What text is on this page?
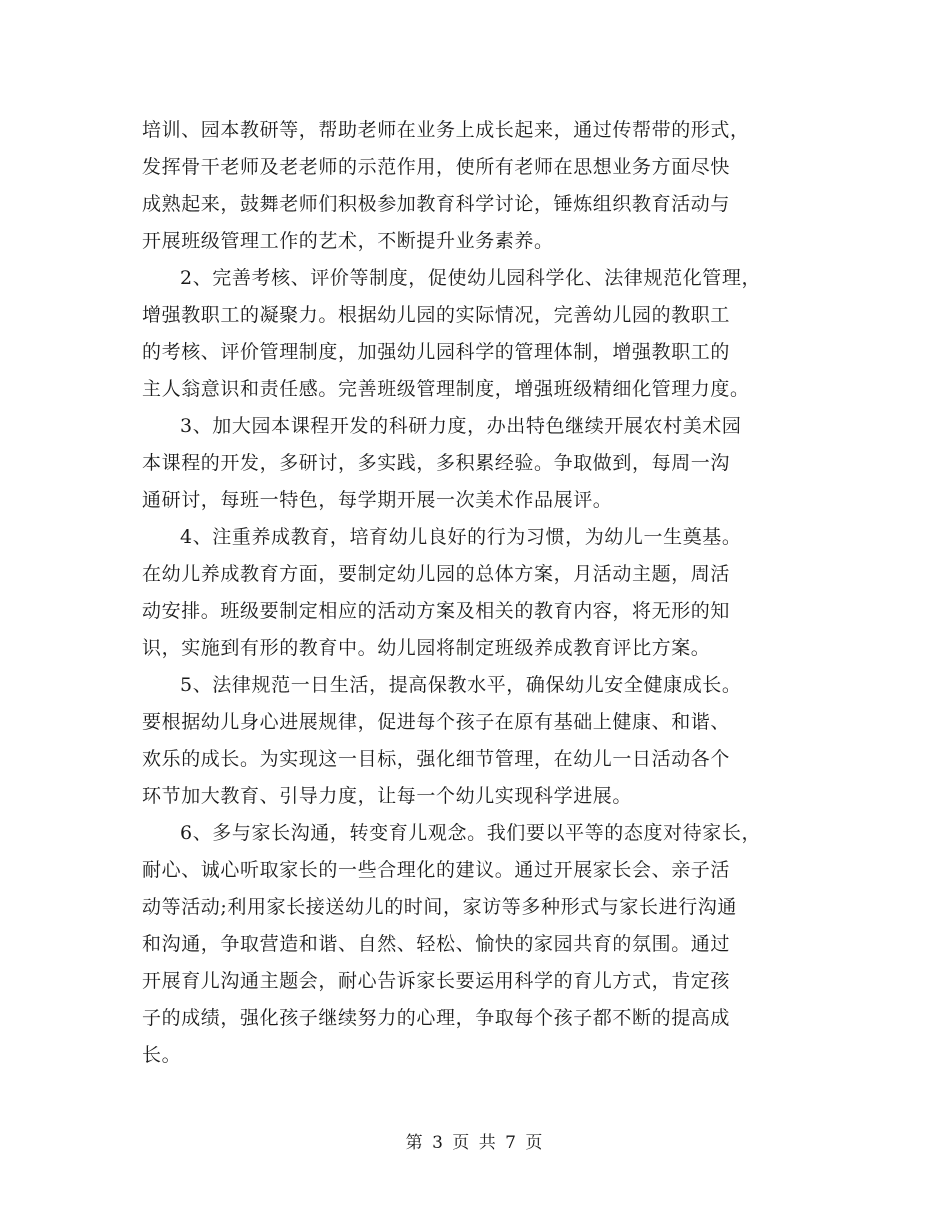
培训、园本教研等，帮助老师在业务上成长起来，通过传帮带的形式，
发挥骨干老师及老老师的示范作用，使所有老师在思想业务方面尽快
成熟起来，鼓舞老师们积极参加教育科学讨论，锤炼组织教育活动与
开展班级管理工作的艺术，不断提升业务素养。
2、完善考核、评价等制度，促使幼儿园科学化、法律规范化管理，
增强教职工的凝聚力。根据幼儿园的实际情况，完善幼儿园的教职工
的考核、评价管理制度，加强幼儿园科学的管理体制，增强教职工的
主人翁意识和责任感。完善班级管理制度，增强班级精细化管理力度。
3、加大园本课程开发的科研力度，办出特色继续开展农村美术园
本课程的开发，多研讨，多实践，多积累经验。争取做到，每周一沟
通研讨，每班一特色，每学期开展一次美术作品展评。
4、注重养成教育，培育幼儿良好的行为习惯，为幼儿一生奠基。
在幼儿养成教育方面，要制定幼儿园的总体方案，月活动主题，周活
动安排。班级要制定相应的活动方案及相关的教育内容，将无形的知
识，实施到有形的教育中。幼儿园将制定班级养成教育评比方案。
5、法律规范一日生活，提高保教水平，确保幼儿安全健康成长。
要根据幼儿身心进展规律，促进每个孩子在原有基础上健康、和谐、
欢乐的成长。为实现这一目标，强化细节管理，在幼儿一日活动各个
环节加大教育、引导力度，让每一个幼儿实现科学进展。
6、多与家长沟通，转变育儿观念。我们要以平等的态度对待家长，
耐心、诚心听取家长的一些合理化的建议。通过开展家长会、亲子活
动等活动;利用家长接送幼儿的时间，家访等多种形式与家长进行沟通
和沟通，争取营造和谐、自然、轻松、愉快的家园共育的氛围。通过
开展育儿沟通主题会，耐心告诉家长要运用科学的育儿方式，肯定孩
子的成绩，强化孩子继续努力的心理，争取每个孩子都不断的提高成
长。
第 3 页 共 7 页
